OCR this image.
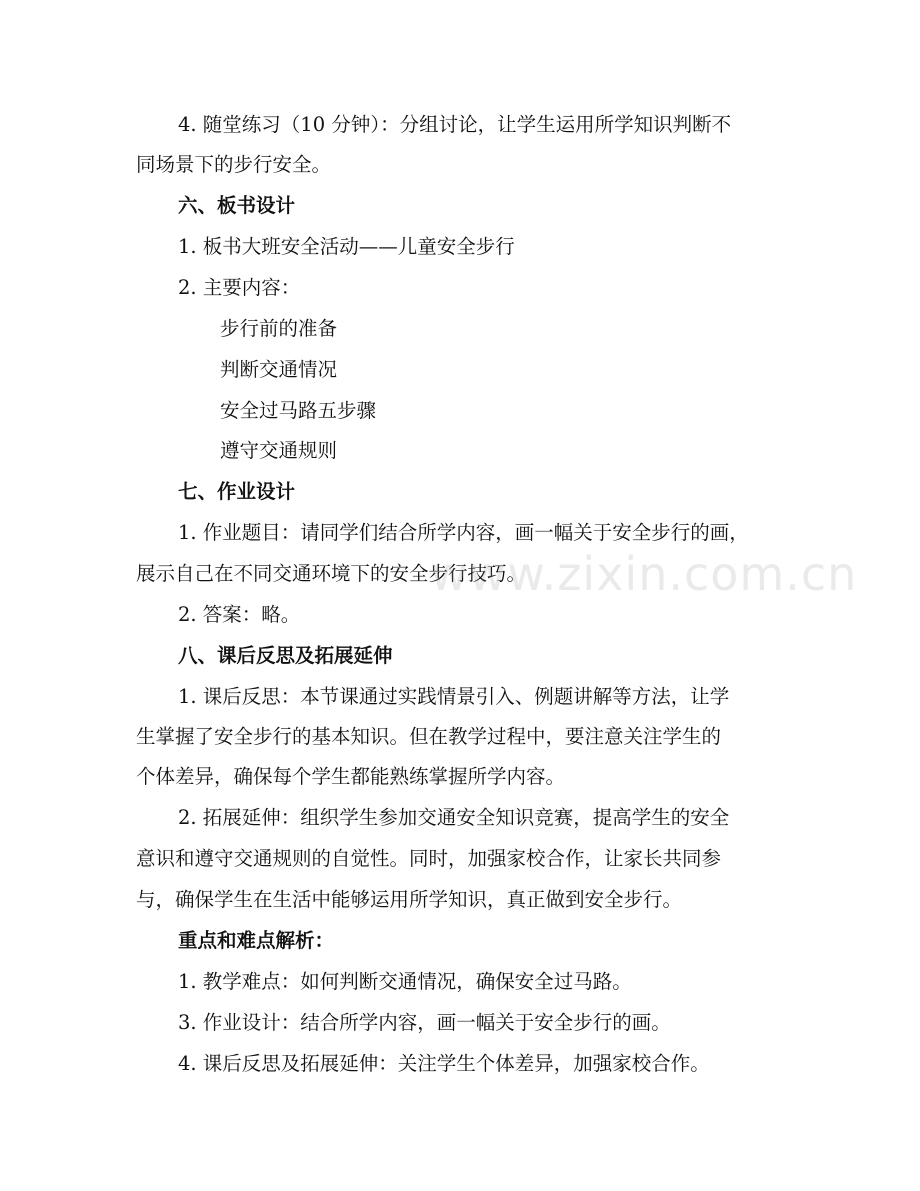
4. 随堂练习（10 分钟）：分组讨论，让学生运用所学知识判断不
同场景下的步行安全。
六、板书设计
1. 板书大班安全活动——儿童安全步行
2. 主要内容：
步行前的准备
判断交通情况
安全过马路五步骤
遵守交通规则
七、作业设计
1. 作业题目：请同学们结合所学内容，画一幅关于安全步行的画，
展示自己在不同交通环境下的安全步行技巧。
2. 答案：略。
八、课后反思及拓展延伸
1. 课后反思：本节课通过实践情景引入、例题讲解等方法，让学
生掌握了安全步行的基本知识。但在教学过程中，要注意关注学生的
个体差异，确保每个学生都能熟练掌握所学内容。
2. 拓展延伸：组织学生参加交通安全知识竞赛，提高学生的安全
意识和遵守交通规则的自觉性。同时，加强家校合作，让家长共同参
与，确保学生在生活中能够运用所学知识，真正做到安全步行。
重点和难点解析：
1. 教学难点：如何判断交通情况，确保安全过马路。
3. 作业设计：结合所学内容，画一幅关于安全步行的画。
4. 课后反思及拓展延伸：关注学生个体差异，加强家校合作。
www.zixin.com.cn
